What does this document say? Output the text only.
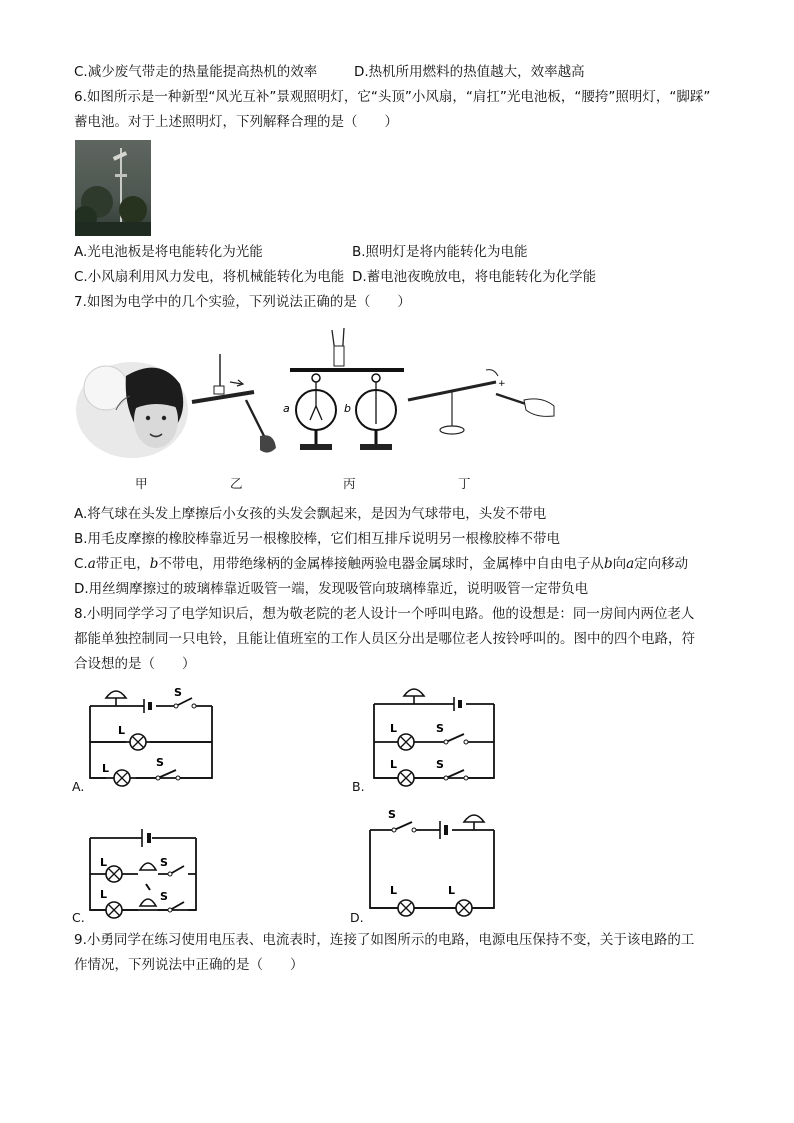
C.减少废气带走的热量能提高热机的效率	D.热机所用燃料的热值越大，效率越高
6.如图所示是一种新型“风光互补”景观照明灯，它“头顶”小风扇，“肩扛”光电池板，“腰挎”照明灯，“脚踩”
蓄电池。对于上述照明灯，下列解释合理的是（　　）
A.光电池板是将电能转化为光能	B.照明灯是将内能转化为电能
C.小风扇利用风力发电，将机械能转化为电能 D.蓄电池夜晚放电，将电能转化为化学能
7.如图为电学中的几个实验，下列说法正确的是（　　）
a	b
+
甲	乙	丙	丁
A.将气球在头发上摩擦后小女孩的头发会飘起来，是因为气球带电，头发不带电
B.用毛皮摩擦的橡胶棒靠近另一根橡胶棒，它们相互排斥说明另一根橡胶棒不带电
C.a带正电，b不带电，用带绝缘柄的金属棒接触两验电器金属球时，金属棒中自由电子从b向a定向移动
D.用丝绸摩擦过的玻璃棒靠近吸管一端，发现吸管向玻璃棒靠近，说明吸管一定带负电
8.小明同学学习了电学知识后，想为敬老院的老人设计一个呼叫电路。他的设想是：同一房间内两位老人
都能单独控制同一只电铃，且能让值班室的工作人员区分出是哪位老人按铃呼叫的。图中的四个电路，符
合设想的是（　　）
S
L
L	S
A.
L	S
L	S
B.
L
L
S
S
C.
S
L	L
D.
9.小勇同学在练习使用电压表、电流表时，连接了如图所示的电路，电源电压保持不变，关于该电路的工
作情况，下列说法中正确的是（　　）
